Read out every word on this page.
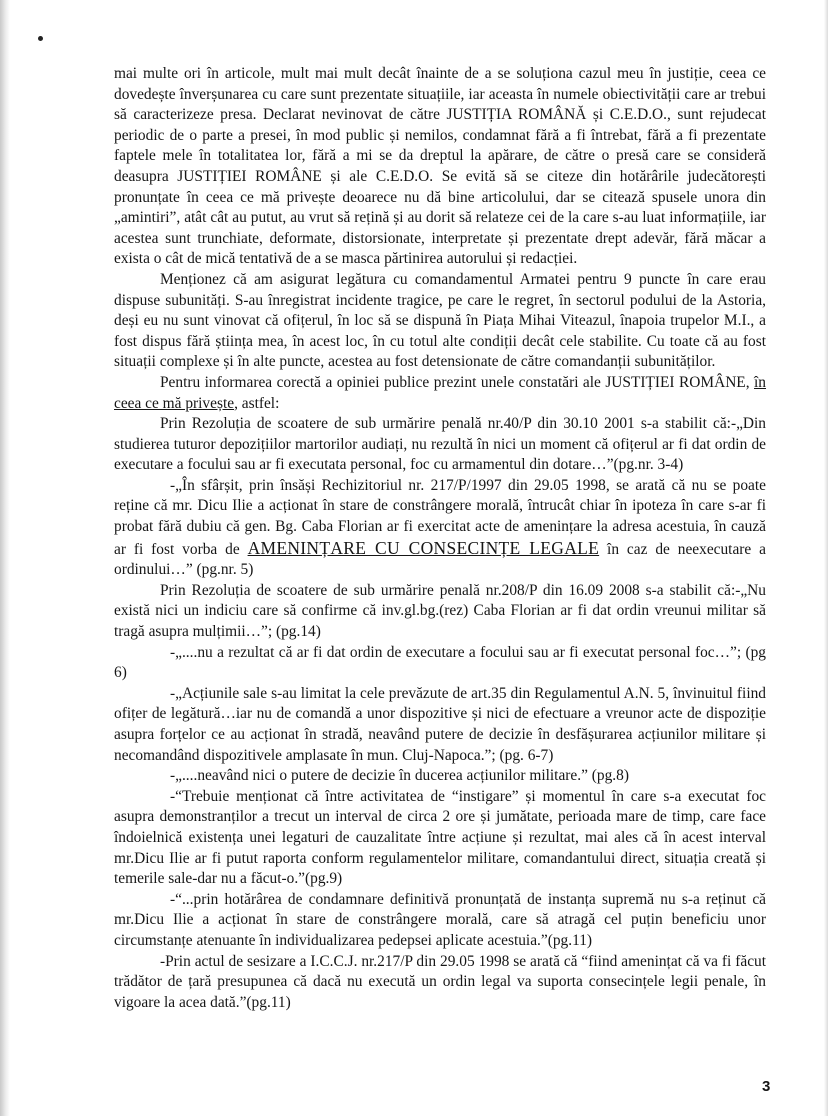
mai multe ori în articole, mult mai mult decât înainte de a se soluționa cazul meu în justiție, ceea ce dovedește înverșunarea cu care sunt prezentate situațiile, iar aceasta în numele obiectivității care ar trebui să caracterizeze presa. Declarat nevinovat de către JUSTIȚIA ROMÂNĂ și C.E.D.O., sunt rejudecat periodic de o parte a presei, în mod public și nemilos, condamnat fără a fi întrebat, fără a fi prezentate faptele mele în totalitatea lor, fără a mi se da dreptul la apărare, de către o presă care se consideră deasupra JUSTIȚIEI ROMÂNE și ale C.E.D.O. Se evită să se citeze din hotărârile judecătorești pronunțate în ceea ce mă privește deoarece nu dă bine articolului, dar se citează spusele unora din „amintiri”, atât cât au putut, au vrut să rețină și au dorit să relateze cei de la care s-au luat informațiile, iar acestea sunt trunchiate, deformate, distorsionate, interpretate și prezentate drept adevăr, fără măcar a exista o cât de mică tentativă de a se masca părtinirea autorului și redacției.

Menționez că am asigurat legătura cu comandamentul Armatei pentru 9 puncte în care erau dispuse subunități. S-au înregistrat incidente tragice, pe care le regret, în sectorul podului de la Astoria, deși eu nu sunt vinovat că ofițerul, în loc să se dispună în Piața Mihai Viteazul, înapoia trupelor M.I., a fost dispus fără știința mea, în acest loc, în cu totul alte condiții decât cele stabilite. Cu toate că au fost situații complexe și în alte puncte, acestea au fost detensionate de către comandanții subunităților.

Pentru informarea corectă a opiniei publice prezint unele constatări ale JUSTIȚIEI ROMÂNE, în ceea ce mă privește, astfel:

Prin Rezoluția de scoatere de sub urmărire penală nr.40/P din 30.10 2001 s-a stabilit că:-„Din studierea tuturor depozițiilor martorilor audiați, nu rezultă în nici un moment că ofițerul ar fi dat ordin de executare a focului sau ar fi executata personal, foc cu armamentul din dotare…”(pg.nr. 3-4)

-„În sfârșit, prin însăși Rechizitoriul nr. 217/P/1997 din 29.05 1998, se arată că nu se poate reține că mr. Dicu Ilie a acționat în stare de constrângere morală, întrucât chiar în ipoteza în care s-ar fi probat fără dubiu că gen. Bg. Caba Florian ar fi exercitat acte de amenințare la adresa acestuia, în cauză ar fi fost vorba de AMENINȚARE CU CONSECINȚE LEGALE în caz de neexecutare a ordinului…” (pg.nr. 5)

Prin Rezoluția de scoatere de sub urmărire penală nr.208/P din 16.09 2008 s-a stabilit că:-„Nu există nici un indiciu care să confirme că inv.gl.bg.(rez) Caba Florian ar fi dat ordin vreunui militar să tragă asupra mulțimii…”; (pg.14)

-„....nu a rezultat că ar fi dat ordin de executare a focului sau ar fi executat personal foc…”; (pg 6)

-„Acțiunile sale s-au limitat la cele prevăzute de art.35 din Regulamentul A.N. 5, învinuitul fiind ofițer de legătură…iar nu de comandă a unor dispozitive și nici de efectuare a vreunor acte de dispoziție asupra forțelor ce au acționat în stradă, neavând putere de decizie în desfășurarea acțiunilor militare și necomandând dispozitivele amplasate în mun. Cluj-Napoca.”; (pg. 6-7)

-„....neavând nici o putere de decizie în ducerea acțiunilor militare.” (pg.8)

-“Trebuie menționat că între activitatea de “instigare” și momentul în care s-a executat foc asupra demonstranților a trecut un interval de circa 2 ore și jumătate, perioada mare de timp, care face îndoielnică existența unei legaturi de cauzalitate între acțiune și rezultat, mai ales că în acest interval mr.Dicu Ilie ar fi putut raporta conform regulamentelor militare, comandantului direct, situația creată și temerile sale-dar nu a făcut-o.”(pg.9)

-“...prin hotărârea de condamnare definitivă pronunțată de instanța supremă nu s-a reținut că mr.Dicu Ilie a acționat în stare de constrângere morală, care să atragă cel puțin beneficiu unor circumstanțe atenuante în individualizarea pedepsei aplicate acestuia.”(pg.11)

-Prin actul de sesizare a I.C.C.J. nr.217/P din 29.05 1998 se arată că “fiind amenințat că va fi făcut trădător de țară presupunea că dacă nu execută un ordin legal va suporta consecințele legii penale, în vigoare la acea dată.”(pg.11)

3
